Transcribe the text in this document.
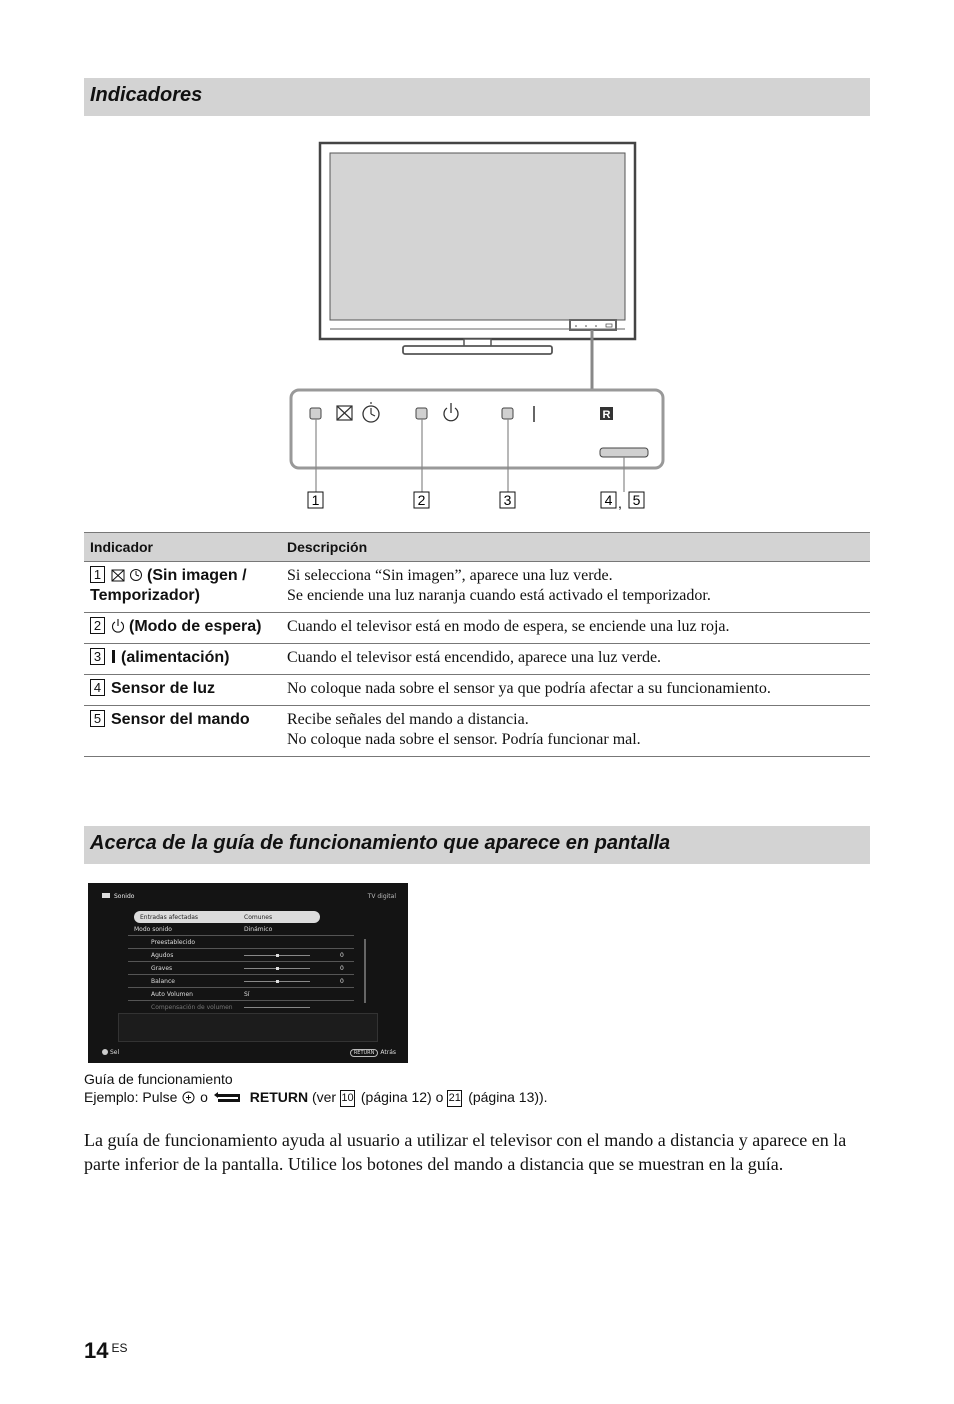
Indicadores
R
1	2	3	4 , 5
Indicador	Descripción
1 (Sin imagen / Temporizador)	Si selecciona “Sin imagen”, aparece una luz verde.
Se enciende una luz naranja cuando está activado el temporizador.

2 (Modo de espera)	Cuando el televisor está en modo de espera, se enciende una luz roja.

3 (alimentación)	Cuando el televisor está encendido, aparece una luz verde.

4 Sensor de luz	No coloque nada sobre el sensor ya que podría afectar a su funcionamiento.

5 Sensor del mando	Recibe señales del mando a distancia.
No coloque nada sobre el sensor. Podría funcionar mal.
Acerca de la guía de funcionamiento que aparece en pantalla
Sonido	TV digital
Entradas afectadas	Comunes
Modo sonido	Dinámico
Preestablecido
Agudos	0
Graves	0
Balance	0
Auto Volumen	Sí
Compensación de volumen
Sel	RETURN Atrás
Guía de funcionamiento
Ejemplo: Pulse o	RETURN (ver 10 (página 12) o 21 (página 13)).
La guía de funcionamiento ayuda al usuario a utilizar el televisor con el mando a distancia y aparece en la parte inferior de la pantalla. Utilice los botones del mando a distancia que se muestran en la guía.
14 $^{ES}$
